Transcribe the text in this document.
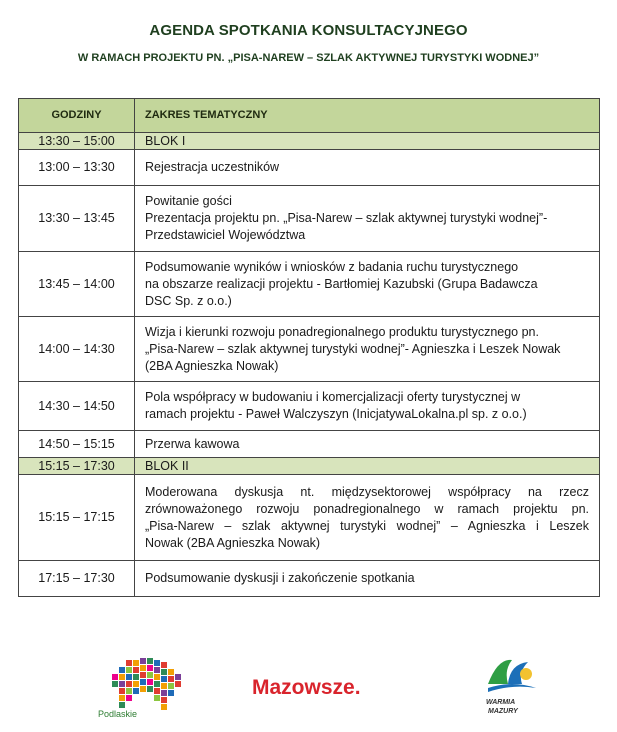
AGENDA SPOTKANIA KONSULTACYJNEGO
W RAMACH PROJEKTU PN. „PISA-NAREW – SZLAK AKTYWNEJ TURYSTYKI WODNEJ”
GODZINY	ZAKRES TEMATYCZNY
13:30 – 15:00	BLOK I
13:00 – 13:30	Rejestracja uczestników
13:30 – 13:45	Powitanie gości
Prezentacja projektu pn. „Pisa-Narew – szlak aktywnej turystyki wodnej”-
Przedstawiciel Województwa

13:45 – 14:00	Podsumowanie wyników i wniosków z badania ruchu turystycznego
na obszarze realizacji projektu - Bartłomiej Kazubski (Grupa Badawcza
DSC Sp. z o.o.)

14:00 – 14:30	Wizja i kierunki rozwoju ponadregionalnego produktu turystycznego pn.
„Pisa-Narew – szlak aktywnej turystyki wodnej”- Agnieszka i Leszek Nowak
(2BA Agnieszka Nowak)

14:30 – 14:50	Pola współpracy w budowaniu i komercjalizacji oferty turystycznej w
ramach projektu - Paweł Walczyszyn (InicjatywaLokalna.pl sp. z o.o.)

14:50 – 15:15	Przerwa kawowa
15:15 – 17:30	BLOK II
15:15 – 17:15	Moderowana dyskusja nt. międzysektorowej współpracy na rzecz
zrównoważonego rozwoju ponadregionalnego w ramach projektu pn.
„Pisa-Narew – szlak aktywnej turystyki wodnej” – Agnieszka i Leszek
Nowak (2BA Agnieszka Nowak)

17:15 – 17:30	Podsumowanie dyskusji i zakończenie spotkania
Podlaskie
Mazowsze.
WARMIA
MAZURY
